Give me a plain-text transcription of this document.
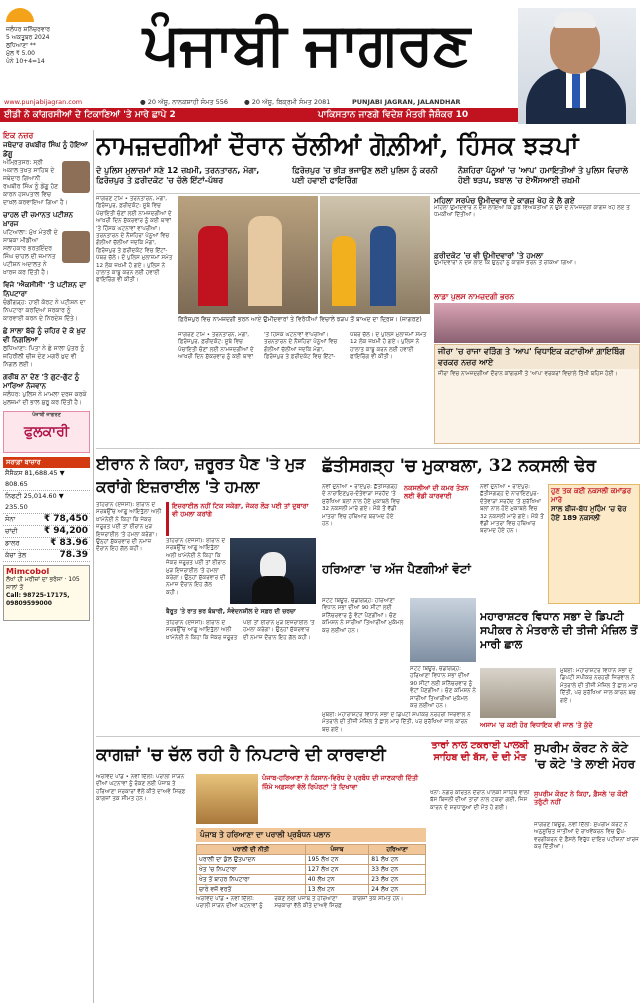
ਜਲੰਧਰ ਸ਼ਨਿੱਚਰਵਾਰ
5 ਅਕਤੂਬਰ 2024
ਲੁਧਿਆਣਾ **
ਮੁੱਲ ₹ 5.00
ਪੰਨੇ 10+4=14	ਪੰਜਾਬੀ ਜਾਗਰਣ
www.punjabijagran.com	● 20 ਅੱਸੂ, ਨਾਨਕਸ਼ਾਹੀ ਸੰਮਤ 556 ● 20 ਅੱਸੂ, ਬਿਕ੍ਰਮੀ ਸੰਮਤ 2081	PUNJABI JAGRAN, JALANDHAR
ਈਡੀ ਨੇ ਕਾਂਗਰਸੀਆਂ ਦੇ ਟਿਕਾਣਿਆਂ 'ਤੇ ਮਾਰੇ ਛਾਪੇ 2	ਪਾਕਿਸਤਾਨ ਜਾਣਗੇ ਵਿਦੇਸ਼ ਮੰਤਰੀ ਜੈਸ਼ੰਕਰ 10
ਇਕ ਨਜ਼ਰ
ਜਥੇਦਾਰ ਰਘਬੀਰ ਸਿੰਘ ਨੂੰ ਹੋਇਆ ਡੇਂਗੂ
ਅੰਮ੍ਰਿਤਸਰ: ਸ੍ਰੀ ਅਕਾਲ ਤਖ਼ਤ ਸਾਹਿਬ ਦੇ ਜਥੇਦਾਰ ਗਿਆਨੀ ਰਘਬੀਰ ਸਿੰਘ ਨੂੰ ਡੇਂਗੂ ਹੋਣ ਕਾਰਨ ਹਸਪਤਾਲ ਵਿਚ ਦਾਖ਼ਲ ਕਰਵਾਇਆ ਗਿਆ ਹੈ।
ਚਾਹਲ ਦੀ ਜ਼ਮਾਨਤ ਪਟੀਸ਼ਨ ਖ਼ਾਰਜ
ਪਟਿਆਲਾ: ਮੁੱਖ ਮੰਤਰੀ ਦੇ ਸਾਬਕਾ ਮੀਡੀਆ ਸਲਾਹਕਾਰ ਭਰਤਇੰਦਰ ਸਿੰਘ ਚਾਹਲ ਦੀ ਜ਼ਮਾਨਤ ਪਟੀਸ਼ਨ ਅਦਾਲਤ ਨੇ ਖ਼ਾਰਜ ਕਰ ਦਿੱਤੀ ਹੈ।
ਵਿਜੇ 'ਐਕਸੀਸੀ' 'ਤੇ ਪਟੀਸ਼ਨ ਦਾ ਨਿਪਟਾਰਾ
ਚੰਡੀਗੜ੍ਹ: ਹਾਈ ਕੋਰਟ ਨੇ ਪਟੀਸ਼ਨ ਦਾ ਨਿਪਟਾਰਾ ਕਰਦਿਆਂ ਸਰਕਾਰ ਨੂੰ ਕਾਰਵਾਈ ਕਰਨ ਦੇ ਨਿਰਦੇਸ਼ ਦਿੱਤੇ।
ਛੇ ਸਾਲਾ ਬੱਚੇ ਨੂੰ ਜ਼ਹਿਰ ਦੇ ਕੇ ਖ਼ੁਦ ਵੀ ਨਿਗਲਿਆ
ਲੁਧਿਆਣਾ: ਪਿਤਾ ਨੇ ਛੇ ਸਾਲਾ ਪੁੱਤਰ ਨੂੰ ਜ਼ਹਿਰੀਲੀ ਚੀਜ਼ ਦੇਣ ਮਗਰੋਂ ਖ਼ੁਦ ਵੀ ਨਿਗਲ ਲਈ।
ਗਰੀਬ ਨਾ ਦੇਣ 'ਤੇ ਗੁਟ-ਗੁੱਟ ਨੂੰ ਮਾਰਿਆ ਨੋਜਵਾਨ
ਜਲੰਧਰ: ਪੁਲਿਸ ਨੇ ਮਾਮਲਾ ਦਰਜ ਕਰਕੇ ਮੁਲਜ਼ਮਾਂ ਦੀ ਭਾਲ ਸ਼ੁਰੂ ਕਰ ਦਿੱਤੀ ਹੈ।
ਪੰਜਾਬੀ ਜਾਗਰਣ
ਫੁਲਕਾਰੀ
ਸਰਾਫ਼ਾ ਬਾਜ਼ਾਰ
ਸੈਂਸੈਕਸ 81,688.45 ▼ 808.65
ਨਿਫਟੀ 25,014.60 ▼ 235.50
ਸੋਨਾ	₹ 78,450
ਚਾਂਦੀ	₹ 94,200
ਡਾਲਰ	₹ 83.96
ਕੱਚਾ ਤੇਲ	78.39
Mimcobol
ਲੱਖਾਂ ਹੀ ਮਰੀਜ਼ਾਂ ਦਾ ਭਰੋਸਾ · 105 ਸਾਲਾਂ ਤੋਂ
Call: 98725-17175, 09809599000
ਨਾਮਜ਼ਦਗੀਆਂ ਦੌਰਾਨ ਚੱਲੀਆਂ ਗੋਲ਼ੀਆਂ, ਹਿੰਸਕ ਝੜਪਾਂ
ਦੋ ਪੁਲਿਸ ਮੁਲਾਜ਼ਮਾਂ ਸਣੇ 12 ਜ਼ਖ਼ਮੀ, ਤਰਨਤਾਰਨ, ਮੋਗਾ, ਫ਼ਿਰੋਜ਼ਪੁਰ ਤੇ ਫ਼ਰੀਦਕੋਟ 'ਚ ਚੱਲੇ ਇੱਟਾਂ-ਪੱਥਰ
ਫ਼ਿਰੋਜ਼ਪੁਰ 'ਚ ਭੀੜ ਭਜਾਉਣ ਲਈ ਪੁਲਿਸ ਨੂੰ ਕਰਨੀ ਪਈ ਹਵਾਈ ਫਾਇਰਿੰਗ
ਨੌਸ਼ਹਿਰਾ ਪੰਨੂਆਂ 'ਚ 'ਆਪ' ਹਮਾਇਤੀਆਂ ਤੇ ਪੁਲਿਸ ਵਿਚਾਲੇ ਹੋਈ ਝੜਪ, ਝਬਾਲ 'ਚ ਏਐੱਸਆਈ ਜ਼ਖ਼ਮੀ
ਜਾਗਰਣ ਟੀਮ • ਤਰਨਤਾਰਨ, ਮੋਗਾ, ਫ਼ਿਰੋਜ਼ਪੁਰ, ਫ਼ਰੀਦਕੋਟ: ਸੂਬੇ ਵਿਚ ਪੰਚਾਇਤੀ ਚੋਣਾਂ ਲਈ ਨਾਮਜ਼ਦਗੀਆਂ ਦੇ ਆਖ਼ਰੀ ਦਿਨ ਸ਼ੁੱਕਰਵਾਰ ਨੂੰ ਕਈ ਥਾਵਾਂ 'ਤੇ ਹਿੰਸਕ ਘਟਨਾਵਾਂ ਵਾਪਰੀਆਂ। ਤਰਨਤਾਰਨ ਦੇ ਨੌਸ਼ਹਿਰਾ ਪੰਨੂਆਂ ਵਿਚ ਗੋਲੀਆਂ ਚੱਲੀਆਂ ਜਦਕਿ ਮੋਗਾ, ਫ਼ਿਰੋਜ਼ਪੁਰ ਤੇ ਫ਼ਰੀਦਕੋਟ ਵਿਚ ਇੱਟਾਂ-ਪੱਥਰ ਚੱਲੇ। ਦੋ ਪੁਲਿਸ ਮੁਲਾਜ਼ਮਾਂ ਸਮੇਤ 12 ਲੋਕ ਜ਼ਖ਼ਮੀ ਹੋ ਗਏ। ਪੁਲਿਸ ਨੇ ਹਾਲਾਤ ਕਾਬੂ ਕਰਨ ਲਈ ਹਵਾਈ ਫਾਇਰਿੰਗ ਵੀ ਕੀਤੀ।
ਫ਼ਿਰੋਜ਼ਪੁਰ ਵਿਚ ਨਾਮਜ਼ਦਗੀ ਭਰਨ ਆਏ ਉਮੀਦਵਾਰਾਂ ਤੇ ਵਿਰੋਧੀਆਂ ਵਿਚਾਲੇ ਝੜਪ ਤੋਂ ਬਾਅਦ ਦਾ ਦ੍ਰਿਸ਼। (ਜਾਗਰਣ)
ਜਾਗਰਣ ਟੀਮ • ਤਰਨਤਾਰਨ, ਮੋਗਾ, ਫ਼ਿਰੋਜ਼ਪੁਰ, ਫ਼ਰੀਦਕੋਟ: ਸੂਬੇ ਵਿਚ ਪੰਚਾਇਤੀ ਚੋਣਾਂ ਲਈ ਨਾਮਜ਼ਦਗੀਆਂ ਦੇ ਆਖ਼ਰੀ ਦਿਨ ਸ਼ੁੱਕਰਵਾਰ ਨੂੰ ਕਈ ਥਾਵਾਂ 'ਤੇ ਹਿੰਸਕ ਘਟਨਾਵਾਂ ਵਾਪਰੀਆਂ। ਤਰਨਤਾਰਨ ਦੇ ਨੌਸ਼ਹਿਰਾ ਪੰਨੂਆਂ ਵਿਚ ਗੋਲੀਆਂ ਚੱਲੀਆਂ ਜਦਕਿ ਮੋਗਾ, ਫ਼ਿਰੋਜ਼ਪੁਰ ਤੇ ਫ਼ਰੀਦਕੋਟ ਵਿਚ ਇੱਟਾਂ-ਪੱਥਰ ਚੱਲੇ। ਦੋ ਪੁਲਿਸ ਮੁਲਾਜ਼ਮਾਂ ਸਮੇਤ 12 ਲੋਕ ਜ਼ਖ਼ਮੀ ਹੋ ਗਏ। ਪੁਲਿਸ ਨੇ ਹਾਲਾਤ ਕਾਬੂ ਕਰਨ ਲਈ ਹਵਾਈ ਫਾਇਰਿੰਗ ਵੀ ਕੀਤੀ।
ਮਹਿਲਾ ਸਰਪੰਚ ਉਮੀਦਵਾਰ ਦੇ ਕਾਗਜ਼ ਖੋਹ ਕੇ ਲੈ ਗਏ
ਮਹਿਲਾ ਉਮੀਦਵਾਰ ਨੇ ਦੋਸ਼ ਲਾਇਆ ਕਿ ਕੁਝ ਵਿਅਕਤੀਆਂ ਨੇ ਉਸ ਦੇ ਨਾਮਜ਼ਦਗੀ ਕਾਗਜ਼ ਖੋਹ ਲਏ ਤੇ ਧਮਕੀਆਂ ਦਿੱਤੀਆਂ।
ਫ਼ਰੀਦਕੋਟ 'ਚ ਵੀ ਉਮੀਦਵਾਰਾਂ 'ਤੇ ਹਮਲਾ
ਉਮੀਦਵਾਰਾਂ ਨੇ ਦੋਸ਼ ਲਾਏ ਕਿ ਉਨ੍ਹਾਂ ਨੂੰ ਕਾਗਜ਼ ਭਰਨ ਤੋਂ ਰੋਕਿਆ ਗਿਆ।
ਲਾਡਾ ਪੁਲਸ ਨਾਮਜ਼ਦਗੀ ਭਰਨ
ਜੀਰਾ 'ਚ ਰਾਜਾ ਵੜਿੰਗ ਤੇ 'ਆਪ' ਵਿਧਾਇਕ ਕਟਾਰੀਆਂ ਗ਼ਾਇਬਿੰਗ ਵਰਕਰ ਨਜ਼ਰ ਆਏ
ਜ਼ੀਰਾ ਵਿਚ ਨਾਮਜ਼ਦਗੀਆਂ ਦੌਰਾਨ ਕਾਂਗਰਸੀ ਤੇ 'ਆਪ' ਵਰਕਰਾਂ ਵਿਚਾਲੇ ਤਿੱਖੀ ਬਹਿਸ ਹੋਈ।
ਈਰਾਨ ਨੇ ਕਿਹਾ, ਜ਼ਰੂਰਤ ਪੈਣ 'ਤੇ ਮੁੜ ਕਰਾਂਗੇ ਇਜ਼ਰਾਈਲ 'ਤੇ ਹਮਲਾ
ਤਹਿਰਾਨ (ਏਜੰਸੀ): ਈਰਾਨ ਦੇ ਸਰਬਉੱਚ ਆਗੂ ਆਇਤੁੱਲਾ ਅਲੀ ਖ਼ਾਮੇਨੇਈ ਨੇ ਕਿਹਾ ਕਿ ਜੇਕਰ ਜ਼ਰੂਰਤ ਪਈ ਤਾਂ ਈਰਾਨ ਮੁੜ ਇਜ਼ਰਾਈਲ 'ਤੇ ਹਮਲਾ ਕਰੇਗਾ। ਉਨ੍ਹਾਂ ਸ਼ੁੱਕਰਵਾਰ ਦੀ ਨਮਾਜ਼ ਦੌਰਾਨ ਇਹ ਗੱਲ ਕਹੀ।
ਇਜ਼ਰਾਈਲ ਨਹੀਂ ਟਿਕ ਸਕੇਗਾ, ਜੇਕਰ ਲੋੜ ਪਈ ਤਾਂ ਦੁਬਾਰਾ ਵੀ ਹਮਲਾ ਕਰਾਂਗੇ
ਤਹਿਰਾਨ (ਏਜੰਸੀ): ਈਰਾਨ ਦੇ ਸਰਬਉੱਚ ਆਗੂ ਆਇਤੁੱਲਾ ਅਲੀ ਖ਼ਾਮੇਨੇਈ ਨੇ ਕਿਹਾ ਕਿ ਜੇਕਰ ਜ਼ਰੂਰਤ ਪਈ ਤਾਂ ਈਰਾਨ ਮੁੜ ਇਜ਼ਰਾਈਲ 'ਤੇ ਹਮਲਾ ਕਰੇਗਾ। ਉਨ੍ਹਾਂ ਸ਼ੁੱਕਰਵਾਰ ਦੀ ਨਮਾਜ਼ ਦੌਰਾਨ ਇਹ ਗੱਲ ਕਹੀ।
ਬੈਰੂਤ 'ਤੇ ਰਾਤ ਭਰ ਬੰਬਾਰੀ, ਸੰਵੇਦਨਸ਼ੀਲ ਦੇ ਸਫ਼ਰ ਦੀ ਚਰਚਾ
ਤਹਿਰਾਨ (ਏਜੰਸੀ): ਈਰਾਨ ਦੇ ਸਰਬਉੱਚ ਆਗੂ ਆਇਤੁੱਲਾ ਅਲੀ ਖ਼ਾਮੇਨੇਈ ਨੇ ਕਿਹਾ ਕਿ ਜੇਕਰ ਜ਼ਰੂਰਤ ਪਈ ਤਾਂ ਈਰਾਨ ਮੁੜ ਇਜ਼ਰਾਈਲ 'ਤੇ ਹਮਲਾ ਕਰੇਗਾ। ਉਨ੍ਹਾਂ ਸ਼ੁੱਕਰਵਾਰ ਦੀ ਨਮਾਜ਼ ਦੌਰਾਨ ਇਹ ਗੱਲ ਕਹੀ।
ਛੱਤੀਸਗੜ੍ਹ 'ਚ ਮੁਕਾਬਲਾ, 32 ਨਕਸਲੀ ਢੇਰ
ਨਵੀਂ ਦੁਨੀਆ • ਰਾਏਪੁਰ: ਛੱਤੀਸਗੜ੍ਹ ਦੇ ਨਾਰਾਇਣਪੁਰ-ਦੰਤੇਵਾੜਾ ਸਰਹੱਦ 'ਤੇ ਸੁਰੱਖਿਆ ਬਲਾਂ ਨਾਲ ਹੋਏ ਮੁਕਾਬਲੇ ਵਿਚ 32 ਨਕਸਲੀ ਮਾਰੇ ਗਏ। ਮੌਕੇ ਤੋਂ ਵੱਡੀ ਮਾਤਰਾ ਵਿਚ ਹਥਿਆਰ ਬਰਾਮਦ ਹੋਏ ਹਨ।
ਨਕਸਲੀਆਂ ਦੀ ਕਮਰ ਤੋੜਨ ਲਈ ਵੱਡੀ ਕਾਰਵਾਈ
ਨਵੀਂ ਦੁਨੀਆ • ਰਾਏਪੁਰ: ਛੱਤੀਸਗੜ੍ਹ ਦੇ ਨਾਰਾਇਣਪੁਰ-ਦੰਤੇਵਾੜਾ ਸਰਹੱਦ 'ਤੇ ਸੁਰੱਖਿਆ ਬਲਾਂ ਨਾਲ ਹੋਏ ਮੁਕਾਬਲੇ ਵਿਚ 32 ਨਕਸਲੀ ਮਾਰੇ ਗਏ। ਮੌਕੇ ਤੋਂ ਵੱਡੀ ਮਾਤਰਾ ਵਿਚ ਹਥਿਆਰ ਬਰਾਮਦ ਹੋਏ ਹਨ।
ਹੁਣ ਤਕ ਕਈ ਨਕਸਲੀ ਕਮਾਂਡਰ ਮਾਰੇ
ਸਾਲ ਬੀਜ-ਬੱਧ ਮੁਹਿੰਮ 'ਚ ਢੇਰ ਹੋਏ 189 ਨਕਸਲੀ
ਹਰਿਆਣਾ 'ਚ ਅੱਜ ਪੈਣਗੀਆਂ ਵੋਟਾਂ
ਸਟੇਟ ਬਿਊਰੋ, ਚੰਡੀਗੜ੍ਹ: ਹਰਿਆਣਾ ਵਿਧਾਨ ਸਭਾ ਦੀਆਂ 90 ਸੀਟਾਂ ਲਈ ਸ਼ਨਿੱਚਰਵਾਰ ਨੂੰ ਵੋਟਾਂ ਪੈਣਗੀਆਂ। ਚੋਣ ਕਮਿਸ਼ਨ ਨੇ ਸਾਰੀਆਂ ਤਿਆਰੀਆਂ ਮੁਕੰਮਲ ਕਰ ਲਈਆਂ ਹਨ।
ਸਟੇਟ ਬਿਊਰੋ, ਚੰਡੀਗੜ੍ਹ: ਹਰਿਆਣਾ ਵਿਧਾਨ ਸਭਾ ਦੀਆਂ 90 ਸੀਟਾਂ ਲਈ ਸ਼ਨਿੱਚਰਵਾਰ ਨੂੰ ਵੋਟਾਂ ਪੈਣਗੀਆਂ। ਚੋਣ ਕਮਿਸ਼ਨ ਨੇ ਸਾਰੀਆਂ ਤਿਆਰੀਆਂ ਮੁਕੰਮਲ ਕਰ ਲਈਆਂ ਹਨ।
ਮਹਾਰਾਸ਼ਟਰ ਵਿਧਾਨ ਸਭਾ ਦੇ ਡਿਪਟੀ ਸਪੀਕਰ ਨੇ ਮੰਤਰਾਲੇ ਦੀ ਤੀਜੀ ਮੰਜ਼ਿਲ ਤੋਂ ਮਾਰੀ ਛਾਲ
ਮੁੰਬਈ: ਮਹਾਰਾਸ਼ਟਰ ਵਿਧਾਨ ਸਭਾ ਦੇ ਡਿਪਟੀ ਸਪੀਕਰ ਨਰਹਰੀ ਜਿਰਵਾਲ ਨੇ ਮੰਤਰਾਲੇ ਦੀ ਤੀਜੀ ਮੰਜ਼ਿਲ ਤੋਂ ਛਾਲ ਮਾਰ ਦਿੱਤੀ, ਪਰ ਸੁਰੱਖਿਆ ਜਾਲ ਕਾਰਨ ਬਚ ਗਏ।
ਅਸਾਮ 'ਚ ਕਈ ਹੋਰ ਵਿਧਾਇਕ ਵੀ ਜਾਲ 'ਤੇ ਕੁੱਦੇ
ਮੁੰਬਈ: ਮਹਾਰਾਸ਼ਟਰ ਵਿਧਾਨ ਸਭਾ ਦੇ ਡਿਪਟੀ ਸਪੀਕਰ ਨਰਹਰੀ ਜਿਰਵਾਲ ਨੇ ਮੰਤਰਾਲੇ ਦੀ ਤੀਜੀ ਮੰਜ਼ਿਲ ਤੋਂ ਛਾਲ ਮਾਰ ਦਿੱਤੀ, ਪਰ ਸੁਰੱਖਿਆ ਜਾਲ ਕਾਰਨ ਬਚ ਗਏ।
ਕਾਗਜ਼ਾਂ 'ਚ ਚੱਲ ਰਹੀ ਹੈ ਨਿਪਟਾਰੇ ਦੀ ਕਾਰਵਾਈ
ਅਰਵਿੰਦ ਪਾਂਡੇ • ਨਵੀਂ ਦਿੱਲੀ: ਪਰਾਲੀ ਸਾੜਨ ਦੀਆਂ ਘਟਨਾਵਾਂ ਨੂੰ ਰੋਕਣ ਲਈ ਪੰਜਾਬ ਤੇ ਹਰਿਆਣਾ ਸਰਕਾਰਾਂ ਵੱਲੋਂ ਕੀਤੇ ਦਾਅਵੇ ਸਿਰਫ਼ ਕਾਗਜ਼ਾਂ ਤਕ ਸੀਮਤ ਹਨ।
ਪੰਜਾਬ-ਹਰਿਆਣਾ ਨੇ ਕਿਸਾਨ-ਵਿਰੋਧ ਦੇ ਪ੍ਰਬੰਧ ਦੀ ਜਾਣਕਾਰੀ ਦਿੱਤੀ
ਜ਼ਿੰਮੇ ਅਫ਼ਸਰਾਂ ਵੱਲੋਂ ਰਿਪੋਰਟਾਂ 'ਤੇ ਦਿਖਾਵਾ
ਪੰਜਾਬ ਤੇ ਹਰਿਆਣਾ ਦਾ ਪਰਾਲੀ ਪ੍ਰਬੰਧਨ ਪਲਾਨ
ਪਰਾਲੀ ਦੀ ਨੀਤੀ	ਪੰਜਾਬ	ਹਰਿਆਣਾ
ਪਰਾਲੀ ਦਾ ਕੁੱਲ ਉਤਪਾਦਨ	195 ਲੱਖ ਟਨ	81 ਲੱਖ ਟਨ
ਖੇਤ 'ਚ ਨਿਪਟਾਰਾ	127 ਲੱਖ ਟਨ	33 ਲੱਖ ਟਨ
ਖੇਤ ਤੋਂ ਬਾਹਰ ਨਿਪਟਾਰਾ	40 ਲੱਖ ਟਨ	23 ਲੱਖ ਟਨ
ਚਾਰੇ ਵਜੋਂ ਵਰਤੋਂ	13 ਲੱਖ ਟਨ	24 ਲੱਖ ਟਨ
ਅਰਵਿੰਦ ਪਾਂਡੇ • ਨਵੀਂ ਦਿੱਲੀ: ਪਰਾਲੀ ਸਾੜਨ ਦੀਆਂ ਘਟਨਾਵਾਂ ਨੂੰ ਰੋਕਣ ਲਈ ਪੰਜਾਬ ਤੇ ਹਰਿਆਣਾ ਸਰਕਾਰਾਂ ਵੱਲੋਂ ਕੀਤੇ ਦਾਅਵੇ ਸਿਰਫ਼ ਕਾਗਜ਼ਾਂ ਤਕ ਸੀਮਤ ਹਨ।
ਤਾਰਾਂ ਨਾਲ ਟਕਰਾਈ ਪਾਲਕੀ ਸਾਹਿਬ ਦੀ ਬੱਸ, ਦੋ ਦੀ ਮੌਤ
ਖੰਨਾ: ਨਗਰ ਕੀਰਤਨ ਦੌਰਾਨ ਪਾਲਕੀ ਸਾਹਿਬ ਵਾਲੀ ਬੱਸ ਬਿਜਲੀ ਦੀਆਂ ਤਾਰਾਂ ਨਾਲ ਟਕਰਾ ਗਈ, ਜਿਸ ਕਾਰਨ ਦੋ ਸ਼ਰਧਾਲੂਆਂ ਦੀ ਮੌਤ ਹੋ ਗਈ।
ਸੁਪਰੀਮ ਕੋਰਟ ਨੇ ਕੋਟੇ 'ਚ ਕੋਟੇ 'ਤੇ ਲਾਈ ਮੋਹਰ
ਸੁਪਰੀਮ ਕੋਰਟ ਨੇ ਕਿਹਾ, ਫ਼ੈਸਲੇ 'ਚ ਕੋਈ ਤਰੁੱਟੀ ਨਹੀਂ
ਜਾਗਰਣ ਬਿਊਰੋ, ਨਵੀਂ ਦਿੱਲੀ: ਸੁਪਰੀਮ ਕੋਰਟ ਨੇ ਅਨੁਸੂਚਿਤ ਜਾਤੀਆਂ ਦੇ ਰਾਖਵੇਂਕਰਨ ਵਿਚ ਉਪ-ਵਰਗੀਕਰਨ ਦੇ ਫ਼ੈਸਲੇ ਵਿਰੁੱਧ ਦਾਇਰ ਪਟੀਸ਼ਨਾਂ ਖ਼ਾਰਜ ਕਰ ਦਿੱਤੀਆਂ।
